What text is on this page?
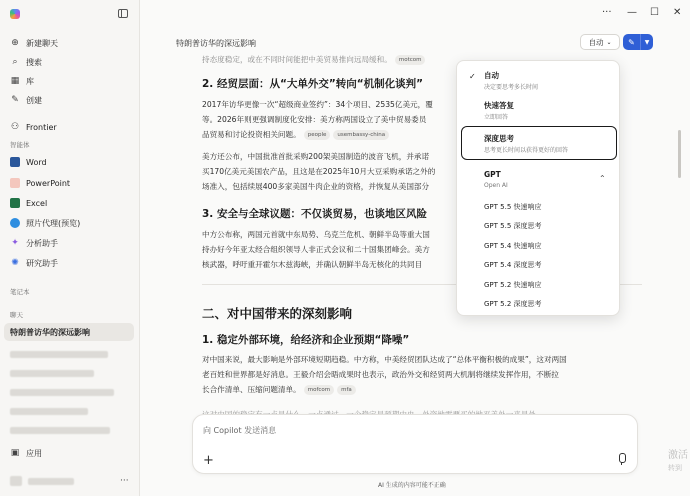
⊕ 新建聊天
⌕	搜索
▦ 库
✎ 创建
⚇ Frontier
智能体
Word
PowerPoint
Excel
照片代理(预览)
✦ 分析助手
✺ 研究助手
笔记本
聊天
特朗普访华的深远影响
▣ 应用
···
··· — ☐ ✕
特朗普访华的深远影响	自动 ⌄	✎	▼
持态度稳定，或在不同时间能把中美贸易推向远局缓和。 motcom
2. 经贸层面：从“大单外交”转向“机制化谈判”
2017年访华更像一次“超级商业签约”：34个项目、2535亿美元，覆
等。2026年则更强调制度化安排：美方称两国设立了美中贸易委员
品贸易和讨论投资相关问题。 people usembassy-china
美方还公布，中国批准首批采购200架美国制造的波音飞机，并承诺
买170亿美元美国农产品，且这是在2025年10月大豆采购承诺之外的
场准入，包括续展400多家美国牛肉企业的资格，并恢复从美国部分
3. 安全与全球议题：不仅谈贸易，也谈地区风险
中方公布称，两国元首就中东局势、乌克兰危机、朝鲜半岛等重大国
持办好今年亚太经合组织领导人非正式会议和二十国集团峰会。美方
核武器，呼吁重开霍尔木兹海峡，并确认朝鲜半岛无核化的共同目
二、对中国带来的深刻影响
1. 稳定外部环境，给经济和企业预期“降噪”
对中国来说，最大影响是外部环境短期趋稳。中方称，中美经贸团队达成了“总体平衡积极的成果”，这对两国
老百姓和世界都是好消息。王毅介绍会晤成果时也表示，政治外交和经贸两大机制将继续发挥作用，不断拉
长合作清单、压缩问题清单。 mofcom mfa
✓ 自动
决定要思考多长时间
快速答复
立即回答
深度思考
思考更长时间以获得更好的回答
GPT
Open AI
⌃
GPT 5.5 快速响应
GPT 5.5 深度思考
GPT 5.4 快速响应
GPT 5.4 深度思考
GPT 5.2 快速响应
GPT 5.2 深度思考
向 Copilot 发送消息
+
AI 生成的内容可能不正确
激活
转到
